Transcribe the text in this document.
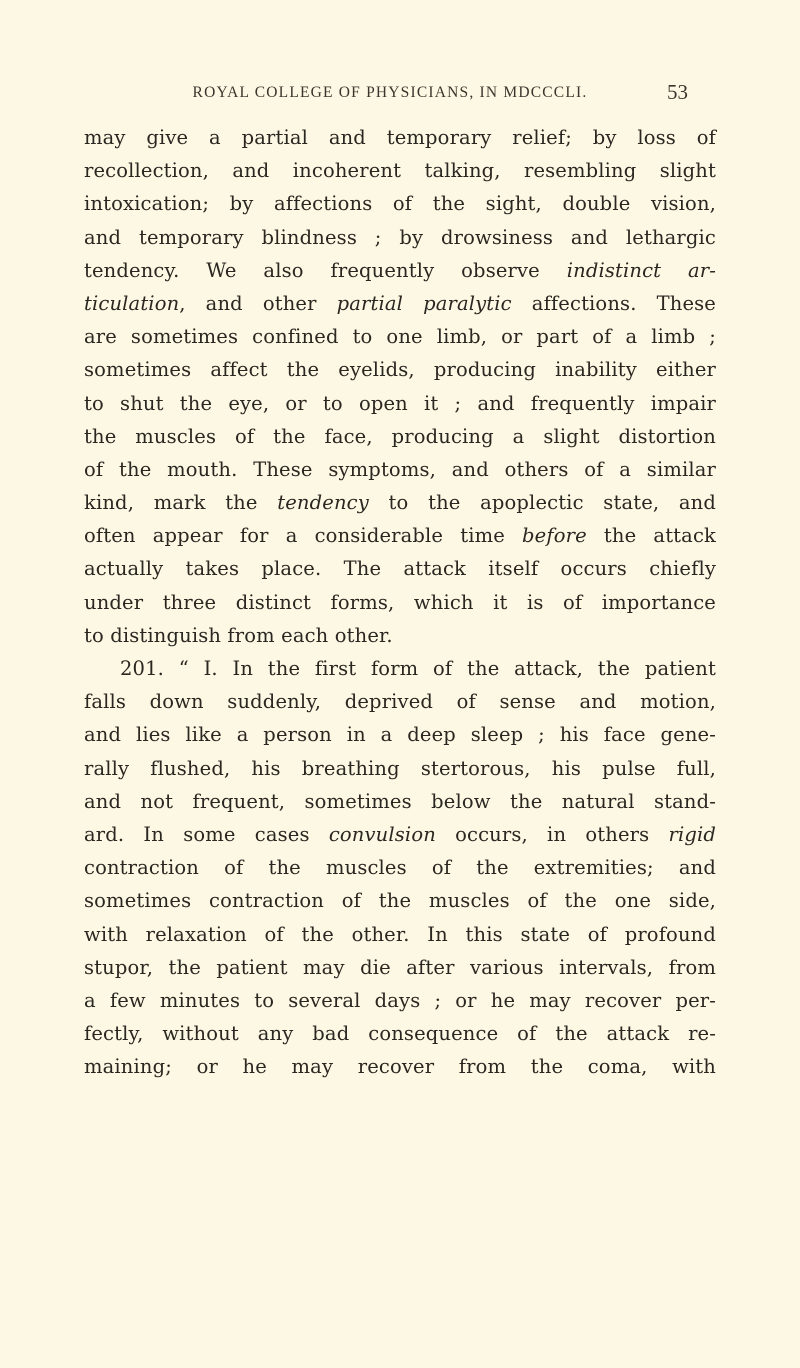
ROYAL COLLEGE OF PHYSICIANS, IN MDCCCLI.	53
may give a partial and temporary relief; by loss of
recollection, and incoherent talking, resembling slight
intoxication; by affections of the sight, double vision,
and temporary blindness ; by drowsiness and lethargic
tendency. We also frequently observe indistinct ar-
ticulation, and other partial paralytic affections. These
are sometimes confined to one limb, or part of a limb ;
sometimes affect the eyelids, producing inability either
to shut the eye, or to open it ; and frequently impair
the muscles of the face, producing a slight distortion
of the mouth. These symptoms, and others of a similar
kind, mark the tendency to the apoplectic state, and
often appear for a considerable time before the attack
actually takes place. The attack itself occurs chiefly
under three distinct forms, which it is of importance
to distinguish from each other.
201. “ I. In the first form of the attack, the patient
falls down suddenly, deprived of sense and motion,
and lies like a person in a deep sleep ; his face gene-
rally flushed, his breathing stertorous, his pulse full,
and not frequent, sometimes below the natural stand-
ard. In some cases convulsion occurs, in others rigid
contraction of the muscles of the extremities; and
sometimes contraction of the muscles of the one side,
with relaxation of the other. In this state of profound
stupor, the patient may die after various intervals, from
a few minutes to several days ; or he may recover per-
fectly, without any bad consequence of the attack re-
maining; or he may recover from the coma, with
